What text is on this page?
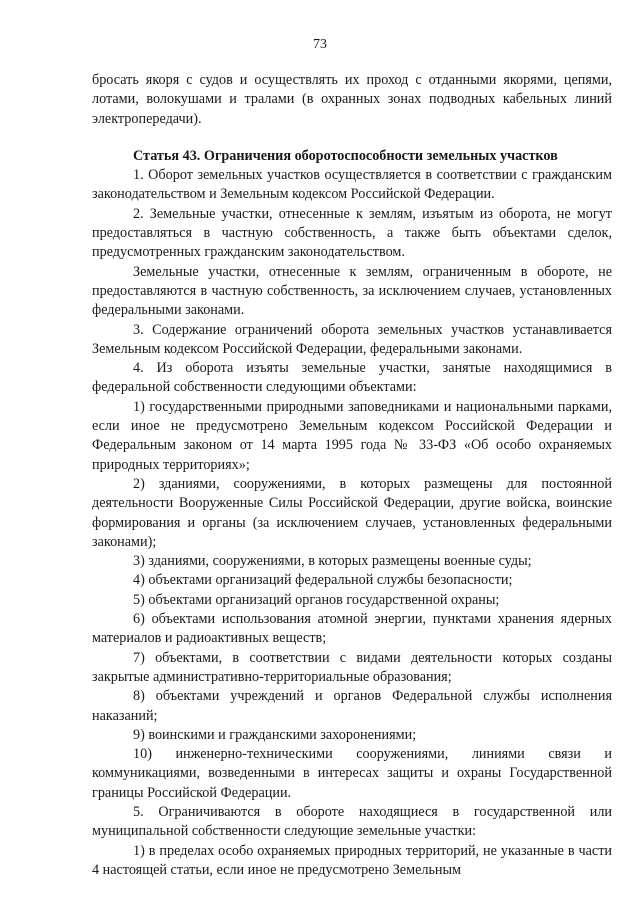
73

бросать якоря с судов и осуществлять их проход с отданными якорями, цепями, лотами, волокушами и тралами (в охранных зонах подводных кабельных линий электропередачи).

Статья 43. Ограничения оборотоспособности земельных участков

1. Оборот земельных участков осуществляется в соответствии с гражданским законодательством и Земельным кодексом Российской Федерации.

2. Земельные участки, отнесенные к землям, изъятым из оборота, не могут предоставляться в частную собственность, а также быть объектами сделок, предусмотренных гражданским законодательством.

Земельные участки, отнесенные к землям, ограниченным в обороте, не предоставляются в частную собственность, за исключением случаев, установленных федеральными законами.

3. Содержание ограничений оборота земельных участков устанавливается Земельным кодексом Российской Федерации, федеральными законами.

4. Из оборота изъяты земельные участки, занятые находящимися в федеральной собственности следующими объектами:

1) государственными природными заповедниками и национальными парками, если иное не предусмотрено Земельным кодексом Российской Федерации и Федеральным законом от 14 марта 1995 года № 33-ФЗ «Об особо охраняемых природных территориях»;

2) зданиями, сооружениями, в которых размещены для постоянной деятельности Вооруженные Силы Российской Федерации, другие войска, воинские формирования и органы (за исключением случаев, установленных федеральными законами);

3) зданиями, сооружениями, в которых размещены военные суды;

4) объектами организаций федеральной службы безопасности;

5) объектами организаций органов государственной охраны;

6) объектами использования атомной энергии, пунктами хранения ядерных материалов и радиоактивных веществ;

7) объектами, в соответствии с видами деятельности которых созданы закрытые административно-территориальные образования;

8) объектами учреждений и органов Федеральной службы исполнения наказаний;

9) воинскими и гражданскими захоронениями;

10) инженерно-техническими сооружениями, линиями связи и коммуникациями, возведенными в интересах защиты и охраны Государственной границы Российской Федерации.

5. Ограничиваются в обороте находящиеся в государственной или муниципальной собственности следующие земельные участки:

1) в пределах особо охраняемых природных территорий, не указанные в части 4 настоящей статьи, если иное не предусмотрено Земельным
